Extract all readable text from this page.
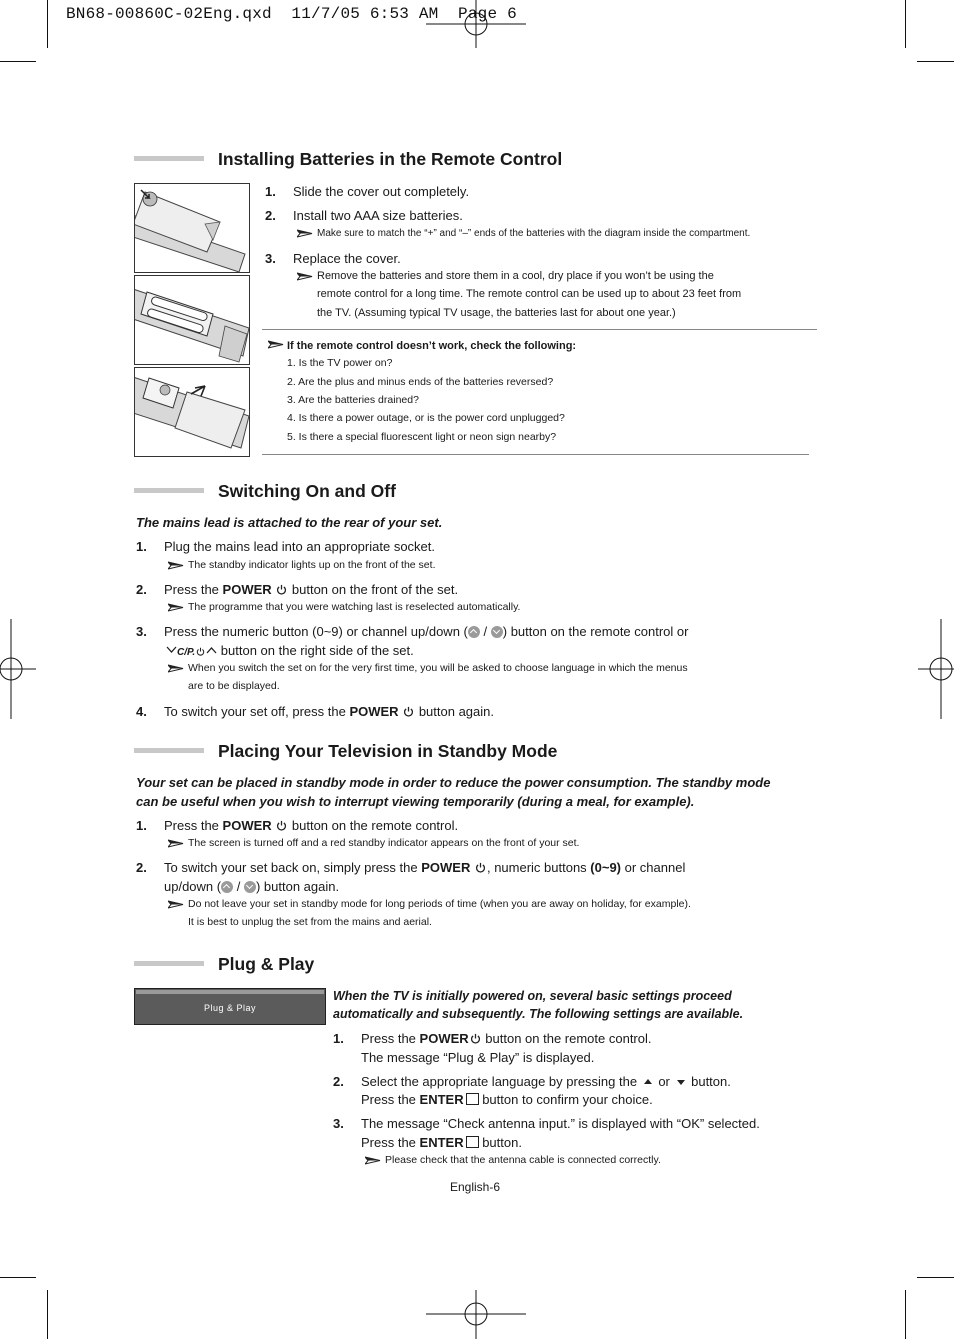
BN68-00860C-02Eng.qxd  11/7/05 6:53 AM  Page 6
Installing Batteries in the Remote Control
1. Slide the cover out completely.
2. Install two AAA size batteries.
Make sure to match the “+” and “–” ends of the batteries with the diagram inside the compartment.
3. Replace the cover.
Remove the batteries and store them in a cool, dry place if you won’t be using the
remote control for a long time. The remote control can be used up to about 23 feet from
the TV. (Assuming typical TV usage, the batteries last for about one year.)
If the remote control doesn’t work, check the following:
1. Is the TV power on?
2. Are the plus and minus ends of the batteries reversed?
3. Are the batteries drained?
4. Is there a power outage, or is the power cord unplugged?
5. Is there a special fluorescent light or neon sign nearby?
Switching On and Off
The mains lead is attached to the rear of your set.
1. Plug the mains lead into an appropriate socket.
The standby indicator lights up on the front of the set.
2. Press the POWER  button on the front of the set.
The programme that you were watching last is reselected automatically.
3. Press the numeric button (0~9) or channel up/down ( / ) button on the remote control or
C/P. button on the right side of the set.
When you switch the set on for the very first time, you will be asked to choose language in which the menus
are to be displayed.
4. To switch your set off, press the POWER  button again.
Placing Your Television in Standby Mode
Your set can be placed in standby mode in order to reduce the power consumption. The standby mode
can be useful when you wish to interrupt viewing temporarily (during a meal, for example).
1. Press the POWER  button on the remote control.
The screen is turned off and a red standby indicator appears on the front of your set.
2. To switch your set back on, simply press the POWER , numeric buttons (0~9) or channel
up/down ( / ) button again.
Do not leave your set in standby mode for long periods of time (when you are away on holiday, for example).
It is best to unplug the set from the mains and aerial.
Plug & Play
Plug & Play
When the TV is initially powered on, several basic settings proceed
automatically and subsequently. The following settings are available.
1. Press the POWER button on the remote control.
The message “Plug & Play” is displayed.
2. Select the appropriate language by pressing the  or  button.
Press the ENTER button to confirm your choice.
3. The message “Check antenna input.” is displayed with “OK” selected.
Press the ENTER button.
Please check that the antenna cable is connected correctly.
English-6
